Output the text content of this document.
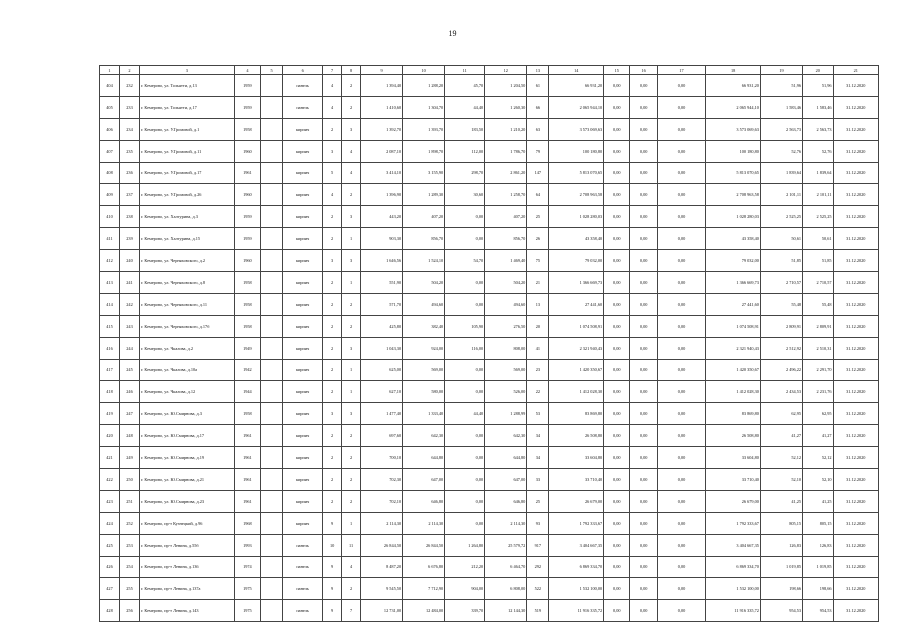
19
1	2	3	4	5	6	7	8	9	10	11	12	13	14	15	16	17	18	19	20	21
404	232	г. Кемерово, ул. Тольятти, д.13	1959		панель	4	2	1 394,40	1 288,20	45,70	1 204,50	61	66 931,20	0,00	0,00	0,00	66 931,20	51,96	51,96	31.12.2020
405	233	г. Кемерово, ул. Тольятти, д.17	1959		панель	4	2	1 410,60	1 304,70	44,40	1 260,30	66	2 065 944,10	0,00	0,00	0,00	2 065 944,10	1 583,46	1 583,46	31.12.2020
406	234	г. Кемерово, ул. У.Громовой, д.1	1958		кирпич	2	3	1 392,70	1 393,70	183,50	1 210,20	63	3 573 069,63	0,00	0,00	0,00	3 573 069,63	2 563,73	2 563,73	31.12.2020
407	235	г. Кемерово, ул. У.Громовой, д.11	1960		кирпич	3	4	2 087,10	1 898,70	112,00	1 786,70	79	100 180,80	0,00	0,00	0,00	100 180,80	52,76	52,76	31.12.2020
408	236	г. Кемерово, ул. У.Громовой, д.17	1961		кирпич	5	4	3 414,10	3 155,90	298,70	2 861,20	147	5 813 070,65	0,00	0,00	0,00	5 813 070,65	1 839,64	1 839,64	31.12.2020
409	237	г. Кемерово, ул. У.Громовой, д.26	1960		кирпич	4	2	1 396,90	1 289,30	30,60	1 258,70	64	2 708 963,58	0,00	0,00	0,00	2 708 963,58	2 101,11	2 101,11	31.12.2020
410	238	г. Кемерово, ул. Халтурина, д.3	1959		кирпич	2	3	443,20	407,20	0,00	407,20	25	1 028 280,03	0,00	0,00	0,00	1 028 280,03	2 525,25	2 525,25	31.12.2020
411	239	г. Кемерово, ул. Халтурина, д.15	1959		кирпич	2	1	903,30	856,70	0,00	856,70	26	43 358,40	0,00	0,00	0,00	43 358,40	50,61	50,61	31.12.2020
412	240	г. Кемерово, ул. Черняховского, д.2	1960		кирпич	3	3	1 646,56	1 524,10	54,70	1 469,40	75	79 032,00	0,00	0,00	0,00	79 032,00	51,85	51,85	31.12.2020
413	241	г. Кемерово, ул. Черняховского, д.8	1958		кирпич	2	1	551,90	504,20	0,00	504,20	21	1 366 669,73	0,00	0,00	0,00	1 366 669,73	2 710,57	2 710,57	31.12.2020
414	242	г. Кемерово, ул. Черняховского, д.11	1958		кирпич	2	2	571,70	494,60	0,00	494,60	13	27 441,60	0,00	0,00	0,00	27 441,60	55,48	55,48	31.12.2020
415	243	г. Кемерово, ул. Черняховского, д.17б	1958		кирпич	2	2	425,80	382,40	105,90	276,50	20	1 074 508,91	0,00	0,00	0,00	1 074 508,91	2 809,91	2 809,91	31.12.2020
416	244	г. Кемерово, ул. Чкалова, д.2	1949		кирпич	2	3	1 043,30	924,00	116,00	808,00	41	2 321 940,43	0,00	0,00	0,00	2 321 940,43	2 512,92	2 510,31	31.12.2020
417	245	г. Кемерово, ул. Чкалова, д.10а	1942		кирпич	2	1	625,00	569,00	0,00	569,00	23	1 420 350,67	0,00	0,00	0,00	1 420 350,67	2 496,22	2 291,70	31.12.2020
418	246	г. Кемерово, ул. Чкалова, д.12	1944		кирпич	2	1	627,10	580,00	0,00	526,00	22	1 412 028,30	0,00	0,00	0,00	1 412 028,30	2 434,53	2 231,76	31.12.2020
419	247	г. Кемерово, ул. Ю.Смирнова, д.3	1958		кирпич	3	3	1 477,40	1 333,40	44,40	1 288,99	53	83 869,80	0,00	0,00	0,00	83 869,80	62,95	62,95	31.12.2020
420	248	г. Кемерово, ул. Ю.Смирнова, д.17	1961		кирпич	2	2	697,60	642,30	0,00	642,30	34	26 508,80	0,00	0,00	0,00	26 508,80	41,27	41,27	31.12.2020
421	249	г. Кемерово, ул. Ю.Смирнова, д.19	1961		кирпич	2	2	700,10	644,80	0,00	644,80	34	33 604,80	0,00	0,00	0,00	33 604,80	52,12	52,12	31.12.2020
422	250	г. Кемерово, ул. Ю.Смирнова, д.21	1961		кирпич	2	2	702,30	647,00	0,00	647,00	33	33 710,40	0,00	0,00	0,00	33 710,40	52,10	52,10	31.12.2020
423	251	г. Кемерово, ул. Ю.Смирнова, д.23	1961		кирпич	2	2	702,10	646,80	0,00	646,80	25	26 679,00	0,00	0,00	0,00	26 679,00	41,25	41,25	31.12.2020
424	252	г. Кемерово, пр-т Кузнецкий, д.96	1968		кирпич	9	1	2 114,30	2 114,30	0,00	2 114,30	93	1 792 333,67	0,00	0,00	0,00	1 792 333,67	805,15	805,15	31.12.2020
425	253	г. Кемерово, пр-т Ленина, д.55б	1993		панель	10	11	26 844,50	26 844,50	1 264,80	25 579,72	917	3 404 667,35	0,00	0,00	0,00	3 404 667,35	126,83	126,83	31.12.2020
426	254	г. Кемерово, пр-т Ленина, д.136	1974		панель	9	4	8 487,20	6 676,80	212,20	6 464,70	292	6 869 334,70	0,00	0,00	0,00	6 869 334,70	1 019,85	1 019,85	31.12.2020
427	255	г. Кемерово, пр-т Ленина, д.137а	1975		панель	9	2	9 545,50	7 712,90	904,00	6 808,00	522	1 532 100,00	0,00	0,00	0,00	1 532 100,00	198,66	198,66	31.12.2020
428	256	г. Кемерово, пр-т Ленина, д.143	1975		панель	9	7	12 731,00	12 484,00	339,70	12 144,30	519	11 916 335,72	0,00	0,00	0,00	11 916 335,72	954,53	954,53	31.12.2020
